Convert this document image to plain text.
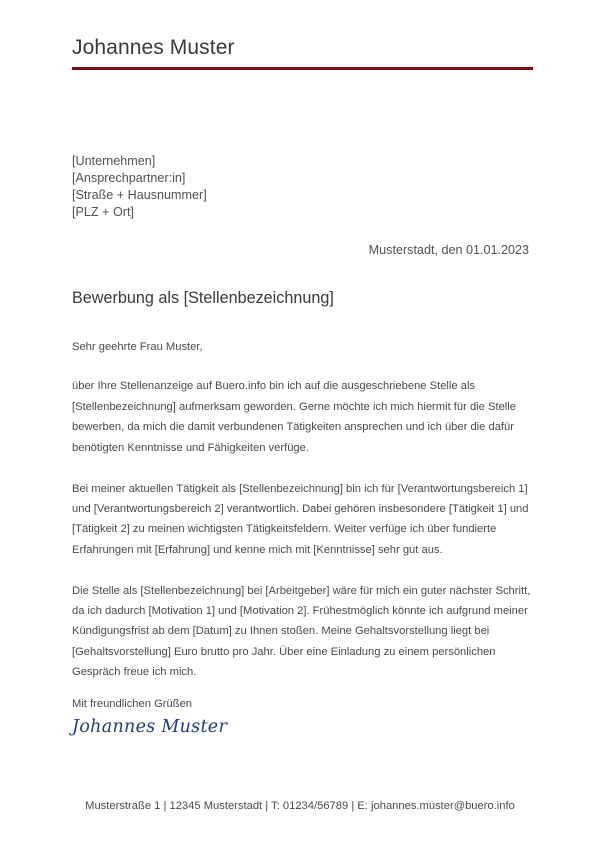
Johannes Muster
[Unternehmen]
[Ansprechpartner:in]
[Straße + Hausnummer]
[PLZ + Ort]
Musterstadt, den 01.01.2023
Bewerbung als [Stellenbezeichnung]

Sehr geehrte Frau Muster,

über Ihre Stellenanzeige auf Buero.info bin ich auf die ausgeschriebene Stelle als [Stellenbezeichnung] aufmerksam geworden. Gerne möchte ich mich hiermit für die Stelle bewerben, da mich die damit verbundenen Tätigkeiten ansprechen und ich über die dafür benötigten Kenntnisse und Fähigkeiten verfüge.

Bei meiner aktuellen Tätigkeit als [Stellenbezeichnung] bin ich für [Verantwortungsbereich 1] und [Verantwortungsbereich 2] verantwortlich. Dabei gehören insbesondere [Tätigkeit 1] und [Tätigkeit 2] zu meinen wichtigsten Tätigkeitsfeldern. Weiter verfüge ich über fundierte Erfahrungen mit [Erfahrung] und kenne mich mit [Kenntnisse] sehr gut aus.

Die Stelle als [Stellenbezeichnung] bei [Arbeitgeber] wäre für mich ein guter nächster Schritt, da ich dadurch [Motivation 1] und [Motivation 2]. Frühestmöglich könnte ich aufgrund meiner Kündigungsfrist ab dem [Datum] zu Ihnen stoßen. Meine Gehaltsvorstellung liegt bei [Gehaltsvorstellung] Euro brutto pro Jahr. Über eine Einladung zu einem persönlichen Gespräch freue ich mich.

Mit freundlichen Grüßen
Johannes Muster
Musterstraße 1 | 12345 Musterstadt | T: 01234/56789 | E: johannes.muster@buero.info
